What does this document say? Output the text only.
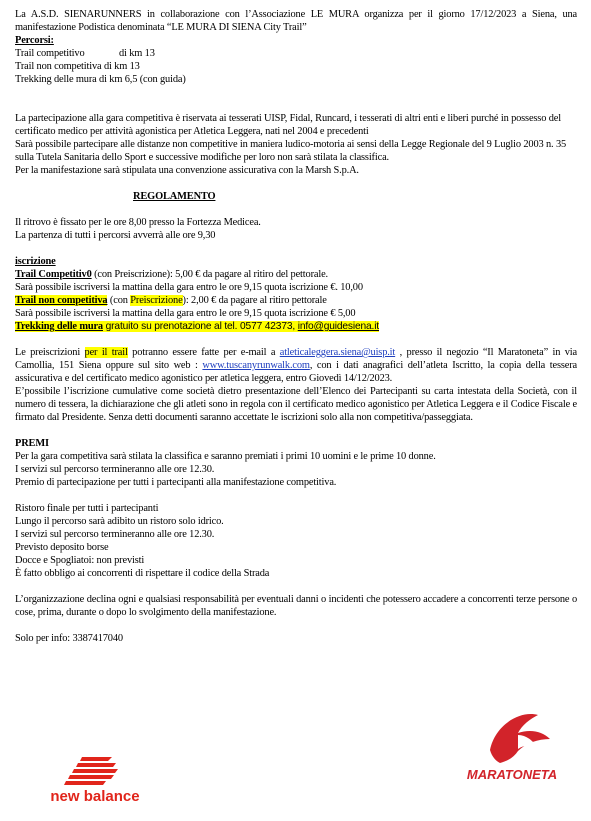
La A.S.D. SIENARUNNERS in collaborazione con l’Associazione LE MURA organizza per il giorno 17/12/2023 a Siena, una manifestazione Podistica denominata “LE MURA DI SIENA City Trail”

Percorsi:

Trail competitivo	di km 13

Trail non competitiva di km 13

Trekking delle mura di km 6,5 (con guida)

La partecipazione alla gara competitiva è riservata ai tesserati UISP, Fidal, Runcard, i tesserati di altri enti e liberi purché in possesso del certificato medico per attività agonistica per Atletica Leggera, nati nel 2004 e precedenti

Sarà possibile partecipare alle distanze non competitive in maniera ludico-motoria ai sensi della Legge Regionale del 9 Luglio 2003 n. 35 sulla Tutela Sanitaria dello Sport e successive modifiche per loro non sarà stilata la classifica.

Per la manifestazione sarà stipulata una convenzione assicurativa con la Marsh S.p.A.

REGOLAMENTO

Il ritrovo è fissato per le ore 8,00 presso la Fortezza Medicea.

La partenza di tutti i percorsi avverrà alle ore 9,30

iscrizione

Trail Competitiv0 (con Preiscrizione): 5,00 € da pagare al ritiro del pettorale.

Sarà possibile iscriversi la mattina della gara entro le ore 9,15 quota iscrizione €. 10,00

Trail non competitiva (con Preiscrizione): 2,00 € da pagare al ritiro pettorale

Sarà possibile iscriversi la mattina della gara entro le ore 9,15 quota iscrizione € 5,00

Trekking delle mura gratuito su prenotazione al tel. 0577 42373, info@guidesiena.it

Le preiscrizioni per il trail potranno essere fatte per e-mail a atleticaleggera.siena@uisp.it , presso il negozio “Il Maratoneta” in via Camollia, 151 Siena oppure sul sito web : www.tuscanyrunwalk.com, con i dati anagrafici dell’atleta Iscritto, la copia della tessera assicurativa e del certificato medico agonistico per atletica leggera, entro Giovedì 14/12/2023.

E’possibile l’iscrizione cumulative come società dietro presentazione dell’Elenco dei Partecipanti su carta intestata della Società, con il numero di tessera, la dichiarazione che gli atleti sono in regola con il certificato medico agonistico per Atletica Leggera e il Codice Fiscale e firmato dal Presidente. Senza detti documenti saranno accettate le iscrizioni solo alla non competitiva/passeggiata.

PREMI

Per la gara competitiva sarà stilata la classifica e saranno premiati i primi 10 uomini e le prime 10 donne.

I servizi sul percorso termineranno alle ore 12.30.

Premio di partecipazione per tutti i partecipanti alla manifestazione competitiva.

Ristoro finale per tutti i partecipanti

Lungo il percorso sarà adibito un ristoro solo idrico.

I servizi sul percorso termineranno alle ore 12.30.

Previsto deposito borse

Docce e Spogliatoi: non previsti

È fatto obbligo ai concorrenti di rispettare il codice della Strada

L’organizzazione declina ogni e qualsiasi responsabilità per eventuali danni o incidenti che potessero accadere a concorrenti terze persone o cose, prima, durante o dopo lo svolgimento della manifestazione.

Solo per info: 3387417040

new balance
MARATONETA
